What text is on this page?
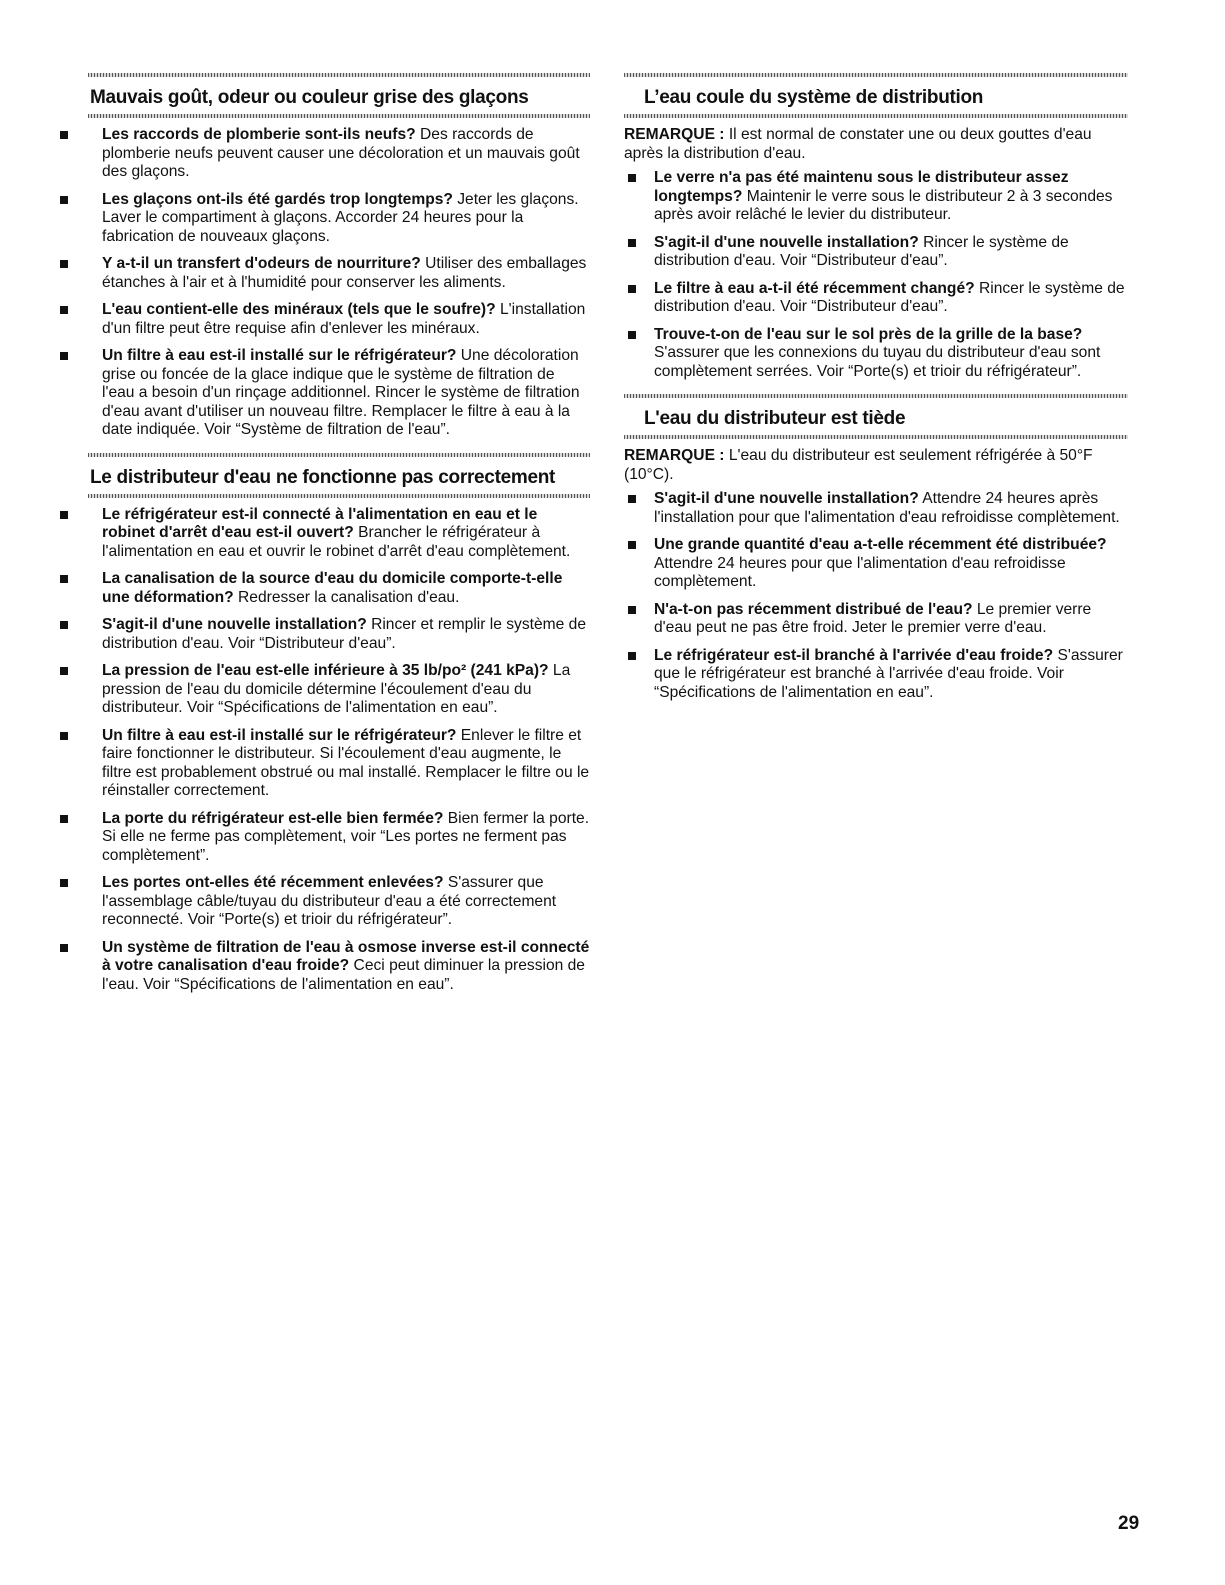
Mauvais goût, odeur ou couleur grise des glaçons
Les raccords de plomberie sont-ils neufs? Des raccords de plomberie neufs peuvent causer une décoloration et un mauvais goût des glaçons.
Les glaçons ont-ils été gardés trop longtemps? Jeter les glaçons. Laver le compartiment à glaçons. Accorder 24 heures pour la fabrication de nouveaux glaçons.
Y a-t-il un transfert d'odeurs de nourriture? Utiliser des emballages étanches à l'air et à l'humidité pour conserver les aliments.
L'eau contient-elle des minéraux (tels que le soufre)? L'installation d'un filtre peut être requise afin d'enlever les minéraux.
Un filtre à eau est-il installé sur le réfrigérateur? Une décoloration grise ou foncée de la glace indique que le système de filtration de l'eau a besoin d'un rinçage additionnel. Rincer le système de filtration d'eau avant d'utiliser un nouveau filtre. Remplacer le filtre à eau à la date indiquée. Voir “Système de filtration de l'eau”.
Le distributeur d'eau ne fonctionne pas correctement
Le réfrigérateur est-il connecté à l'alimentation en eau et le robinet d'arrêt d'eau est-il ouvert? Brancher le réfrigérateur à l'alimentation en eau et ouvrir le robinet d'arrêt d'eau complètement.
La canalisation de la source d'eau du domicile comporte-t-elle une déformation? Redresser la canalisation d'eau.
S'agit-il d'une nouvelle installation? Rincer et remplir le système de distribution d'eau. Voir “Distributeur d'eau”.
La pression de l'eau est-elle inférieure à 35 lb/po² (241 kPa)? La pression de l'eau du domicile détermine l'écoulement d'eau du distributeur. Voir “Spécifications de l'alimentation en eau”.
Un filtre à eau est-il installé sur le réfrigérateur? Enlever le filtre et faire fonctionner le distributeur. Si l'écoulement d'eau augmente, le filtre est probablement obstrué ou mal installé. Remplacer le filtre ou le réinstaller correctement.
La porte du réfrigérateur est-elle bien fermée? Bien fermer la porte. Si elle ne ferme pas complètement, voir “Les portes ne ferment pas complètement”.
Les portes ont-elles été récemment enlevées? S'assurer que l'assemblage câble/tuyau du distributeur d'eau a été correctement reconnecté. Voir “Porte(s) et trioir du réfrigérateur”.
Un système de filtration de l'eau à osmose inverse est-il connecté à votre canalisation d'eau froide? Ceci peut diminuer la pression de l'eau. Voir “Spécifications de l'alimentation en eau”.
L’eau coule du système de distribution

REMARQUE : Il est normal de constater une ou deux gouttes d'eau après la distribution d'eau.

Le verre n'a pas été maintenu sous le distributeur assez longtemps? Maintenir le verre sous le distributeur 2 à 3 secondes après avoir relâché le levier du distributeur.
S'agit-il d'une nouvelle installation? Rincer le système de distribution d'eau. Voir “Distributeur d'eau”.
Le filtre à eau a-t-il été récemment changé? Rincer le système de distribution d'eau. Voir “Distributeur d'eau”.
Trouve-t-on de l'eau sur le sol près de la grille de la base? S'assurer que les connexions du tuyau du distributeur d'eau sont complètement serrées. Voir “Porte(s) et trioir du réfrigérateur”.
L'eau du distributeur est tiède

REMARQUE : L'eau du distributeur est seulement réfrigérée à 50°F (10°C).

S'agit-il d'une nouvelle installation? Attendre 24 heures après l'installation pour que l'alimentation d'eau refroidisse complètement.
Une grande quantité d'eau a-t-elle récemment été distribuée? Attendre 24 heures pour que l'alimentation d'eau refroidisse complètement.
N'a-t-on pas récemment distribué de l'eau? Le premier verre d'eau peut ne pas être froid. Jeter le premier verre d'eau.
Le réfrigérateur est-il branché à l'arrivée d'eau froide? S'assurer que le réfrigérateur est branché à l'arrivée d'eau froide. Voir “Spécifications de l'alimentation en eau”.
29
